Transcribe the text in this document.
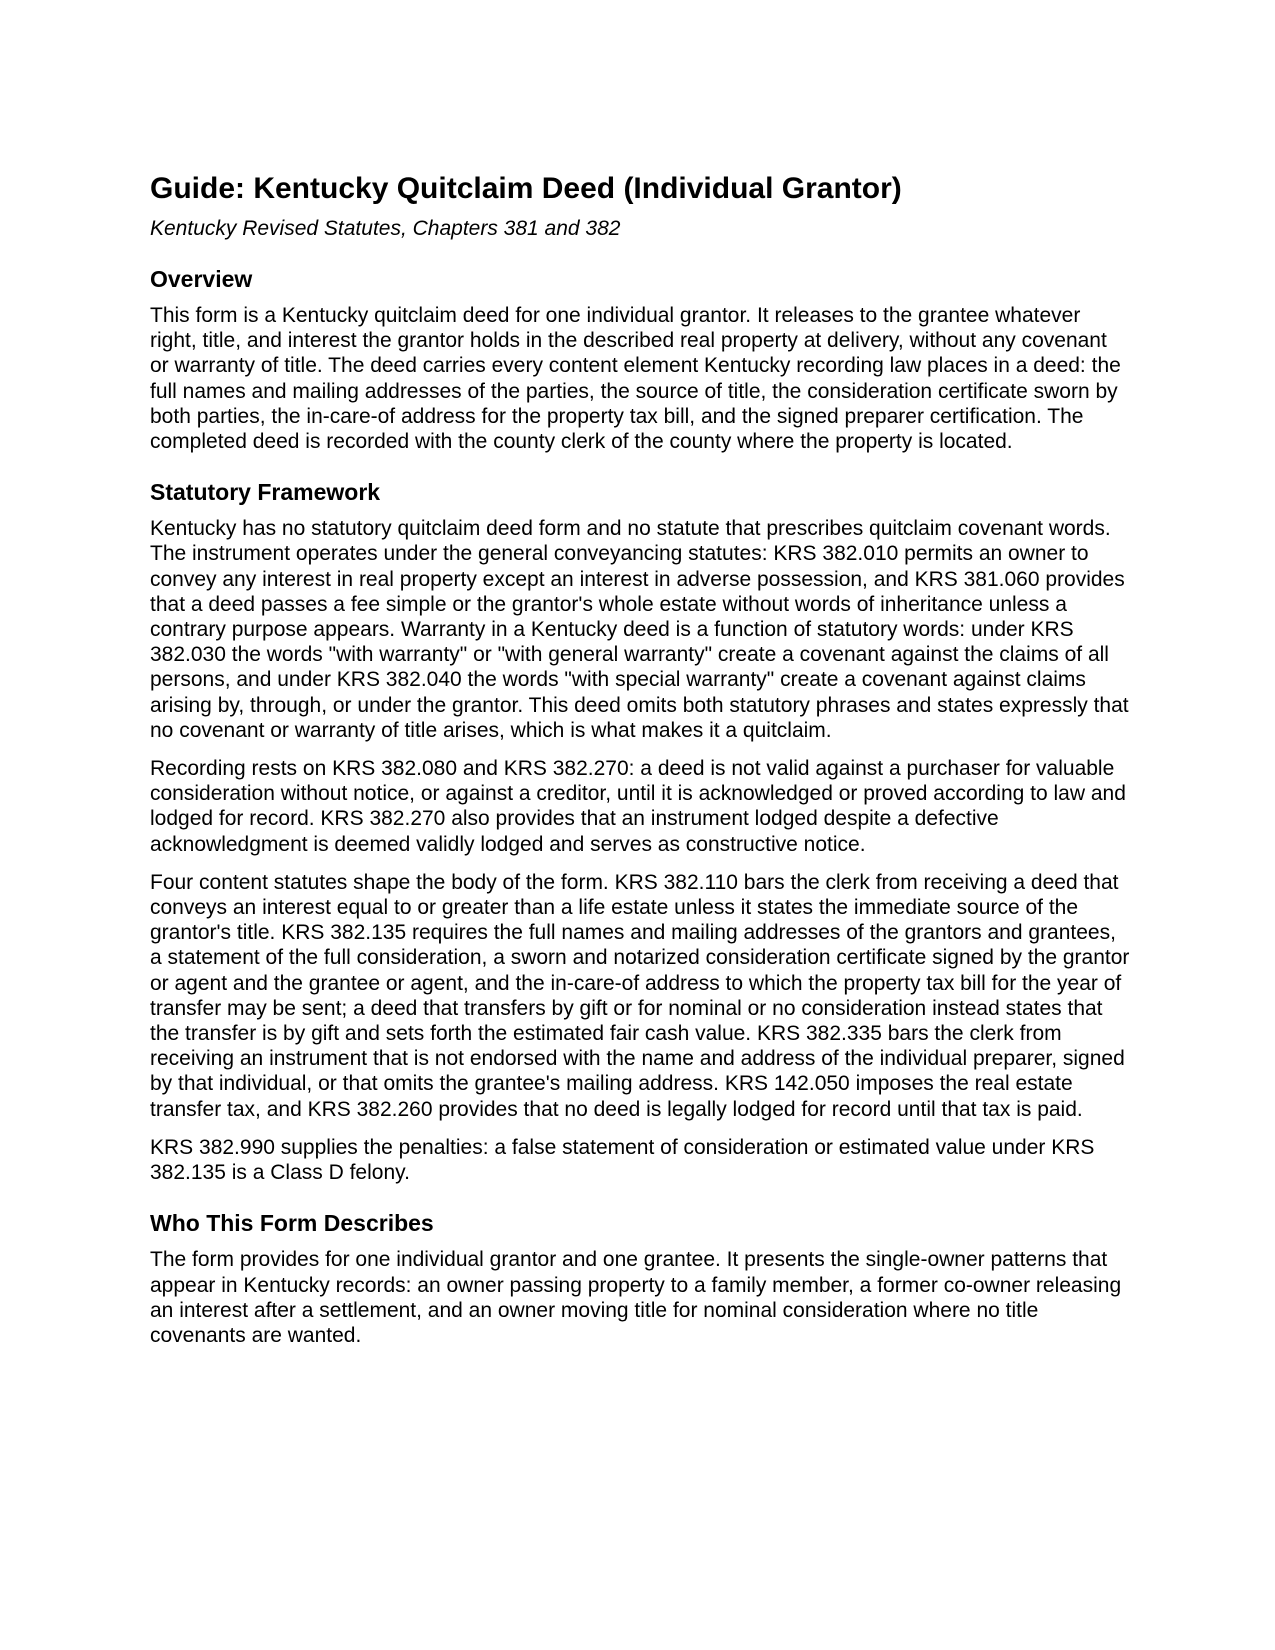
Guide: Kentucky Quitclaim Deed (Individual Grantor)

Kentucky Revised Statutes, Chapters 381 and 382

Overview

This form is a Kentucky quitclaim deed for one individual grantor. It releases to the grantee whatever right, title, and interest the grantor holds in the described real property at delivery, without any covenant or warranty of title. The deed carries every content element Kentucky recording law places in a deed: the full names and mailing addresses of the parties, the source of title, the consideration certificate sworn by both parties, the in-care-of address for the property tax bill, and the signed preparer certification. The completed deed is recorded with the county clerk of the county where the property is located.

Statutory Framework

Kentucky has no statutory quitclaim deed form and no statute that prescribes quitclaim covenant words. The instrument operates under the general conveyancing statutes: KRS 382.010 permits an owner to convey any interest in real property except an interest in adverse possession, and KRS 381.060 provides that a deed passes a fee simple or the grantor's whole estate without words of inheritance unless a contrary purpose appears. Warranty in a Kentucky deed is a function of statutory words: under KRS 382.030 the words "with warranty" or "with general warranty" create a covenant against the claims of all persons, and under KRS 382.040 the words "with special warranty" create a covenant against claims arising by, through, or under the grantor. This deed omits both statutory phrases and states expressly that no covenant or warranty of title arises, which is what makes it a quitclaim.

Recording rests on KRS 382.080 and KRS 382.270: a deed is not valid against a purchaser for valuable consideration without notice, or against a creditor, until it is acknowledged or proved according to law and lodged for record. KRS 382.270 also provides that an instrument lodged despite a defective acknowledgment is deemed validly lodged and serves as constructive notice.

Four content statutes shape the body of the form. KRS 382.110 bars the clerk from receiving a deed that conveys an interest equal to or greater than a life estate unless it states the immediate source of the grantor's title. KRS 382.135 requires the full names and mailing addresses of the grantors and grantees, a statement of the full consideration, a sworn and notarized consideration certificate signed by the grantor or agent and the grantee or agent, and the in-care-of address to which the property tax bill for the year of transfer may be sent; a deed that transfers by gift or for nominal or no consideration instead states that the transfer is by gift and sets forth the estimated fair cash value. KRS 382.335 bars the clerk from receiving an instrument that is not endorsed with the name and address of the individual preparer, signed by that individual, or that omits the grantee's mailing address. KRS 142.050 imposes the real estate transfer tax, and KRS 382.260 provides that no deed is legally lodged for record until that tax is paid.

KRS 382.990 supplies the penalties: a false statement of consideration or estimated value under KRS 382.135 is a Class D felony.

Who This Form Describes

The form provides for one individual grantor and one grantee. It presents the single-owner patterns that appear in Kentucky records: an owner passing property to a family member, a former co-owner releasing an interest after a settlement, and an owner moving title for nominal consideration where no title covenants are wanted.
